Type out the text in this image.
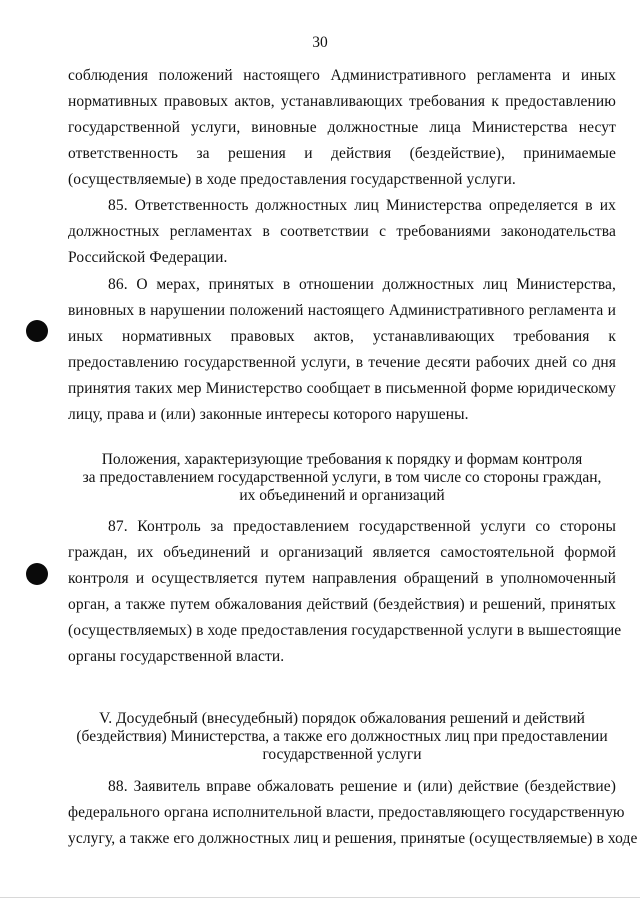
30
соблюдения положений настоящего Административного регламента и иных
нормативных правовых актов, устанавливающих требования к предоставлению
государственной услуги, виновные должностные лица Министерства несут
ответственность за решения и действия (бездействие), принимаемые
(осуществляемые) в ходе предоставления государственной услуги.
85. Ответственность должностных лиц Министерства определяется в их
должностных регламентах в соответствии с требованиями законодательства
Российской Федерации.
86. О мерах, принятых в отношении должностных лиц Министерства,
виновных в нарушении положений настоящего Административного регламента и
иных нормативных правовых актов, устанавливающих требования к
предоставлению государственной услуги, в течение десяти рабочих дней со дня
принятия таких мер Министерство сообщает в письменной форме юридическому
лицу, права и (или) законные интересы которого нарушены.
Положения, характеризующие требования к порядку и формам контроля
за предоставлением государственной услуги, в том числе со стороны граждан,
их объединений и организаций
87. Контроль за предоставлением государственной услуги со стороны
граждан, их объединений и организаций является самостоятельной формой
контроля и осуществляется путем направления обращений в уполномоченный
орган, а также путем обжалования действий (бездействия) и решений, принятых
(осуществляемых) в ходе предоставления государственной услуги в вышестоящие
органы государственной власти.
V. Досудебный (внесудебный) порядок обжалования решений и действий
(бездействия) Министерства, а также его должностных лиц при предоставлении
государственной услуги
88. Заявитель вправе обжаловать решение и (или) действие (бездействие)
федерального органа исполнительной власти, предоставляющего государственную
услугу, а также его должностных лиц и решения, принятые (осуществляемые) в ходе
